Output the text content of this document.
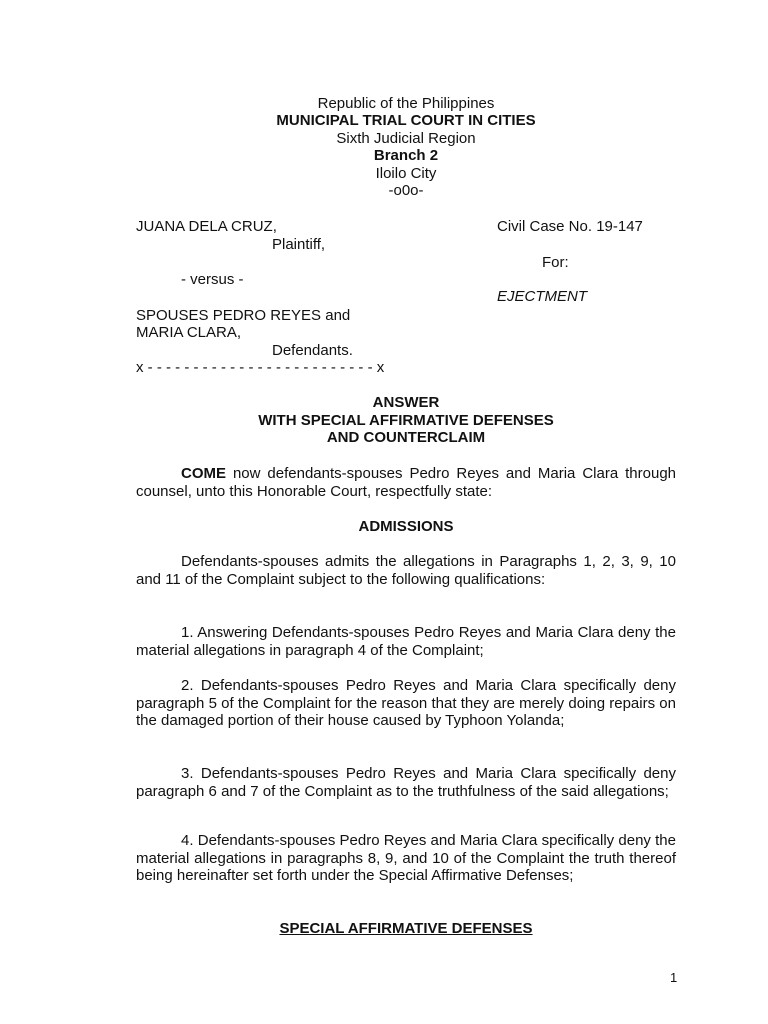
Republic of the Philippines
MUNICIPAL TRIAL COURT IN CITIES
Sixth Judicial Region
Branch 2
Iloilo City
-o0o-
JUANA DELA CRUZ,
Plaintiff,
- versus -
SPOUSES PEDRO REYES and
MARIA CLARA,
Defendants.
x - - - - - - - - - - - - - - - - - - - - - - - - - x
Civil Case No. 19-147
For:
EJECTMENT
ANSWER
WITH SPECIAL AFFIRMATIVE DEFENSES
AND COUNTERCLAIM
COME now defendants-spouses Pedro Reyes and Maria Clara through counsel, unto this Honorable Court, respectfully state:
ADMISSIONS
Defendants-spouses admits the allegations in Paragraphs 1, 2, 3, 9, 10 and 11 of the Complaint subject to the following qualifications:
1. Answering Defendants-spouses Pedro Reyes and Maria Clara deny the material allegations in paragraph 4 of the Complaint;
2. Defendants-spouses Pedro Reyes and Maria Clara specifically deny paragraph 5 of the Complaint for the reason that they are merely doing repairs on the damaged portion of their house caused by Typhoon Yolanda;
3. Defendants-spouses Pedro Reyes and Maria Clara specifically deny paragraph 6 and 7 of the Complaint as to the truthfulness of the said allegations;
4. Defendants-spouses Pedro Reyes and Maria Clara specifically deny the material allegations in paragraphs 8, 9, and 10 of the Complaint the truth thereof being hereinafter set forth under the Special Affirmative Defenses;
SPECIAL AFFIRMATIVE DEFENSES
1
